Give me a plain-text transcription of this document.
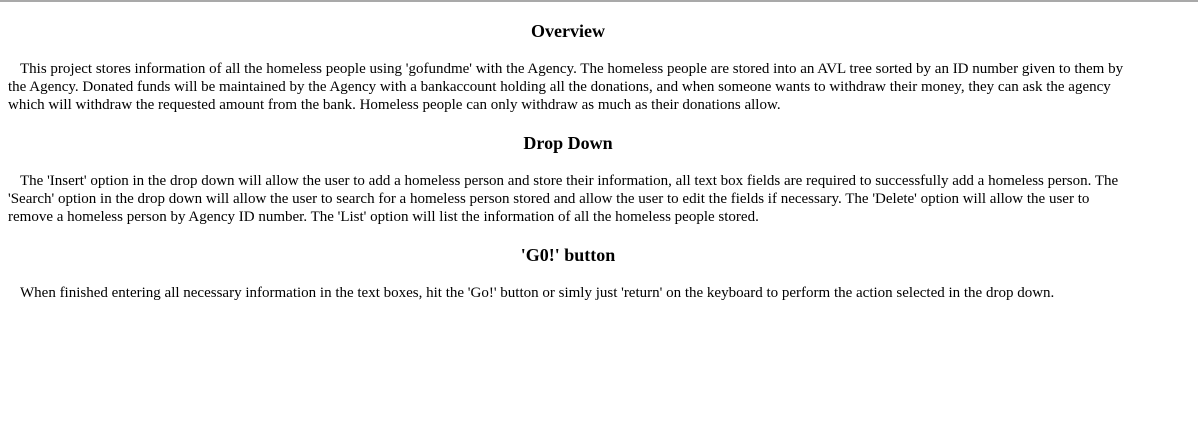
Overview

This project stores information of all the homeless people using 'gofundme' with the Agency. The homeless people are stored into an AVL tree sorted by an ID number given to them by the Agency. Donated funds will be maintained by the Agency with a bankaccount holding all the donations, and when someone wants to withdraw their money, they can ask the agency which will withdraw the requested amount from the bank. Homeless people can only withdraw as much as their donations allow.

Drop Down

The 'Insert' option in the drop down will allow the user to add a homeless person and store their information, all text box fields are required to successfully add a homeless person. The 'Search' option in the drop down will allow the user to search for a homeless person stored and allow the user to edit the fields if necessary. The 'Delete' option will allow the user to remove a homeless person by Agency ID number. The 'List' option will list the information of all the homeless people stored.

'G0!' button

When finished entering all necessary information in the text boxes, hit the 'Go!' button or simly just 'return' on the keyboard to perform the action selected in the drop down.
